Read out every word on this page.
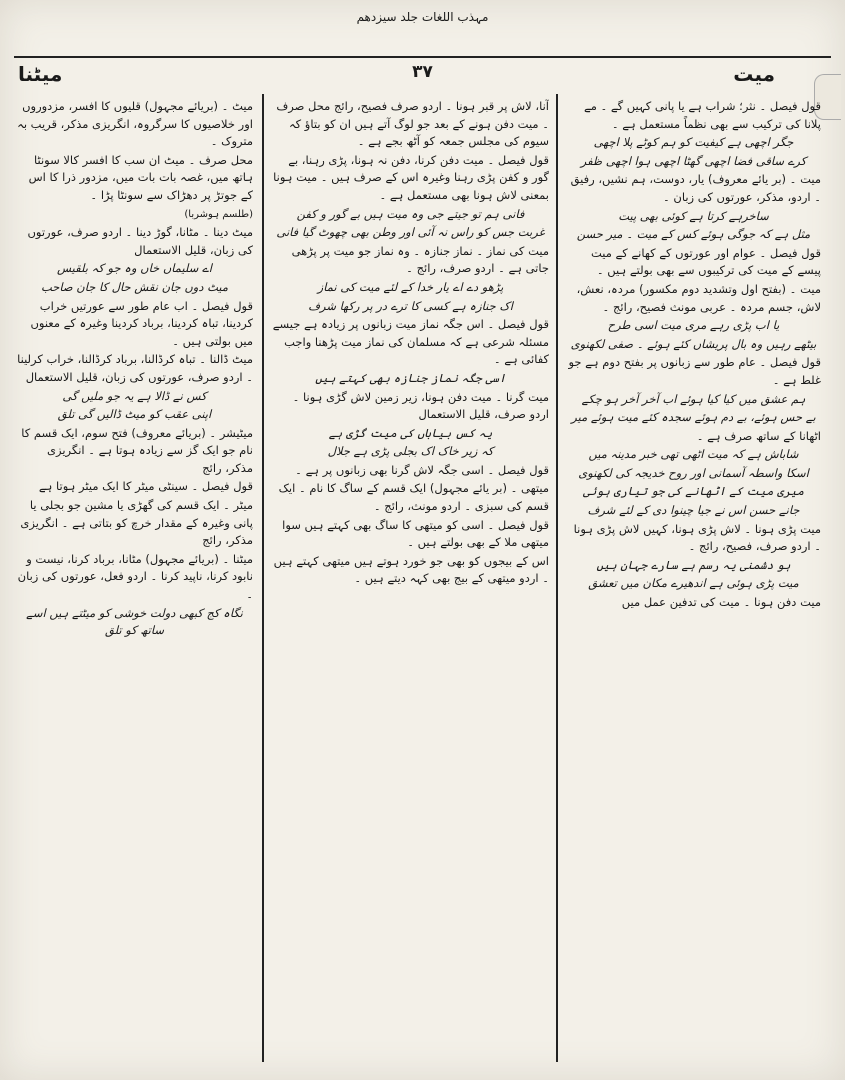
مہذب اللغات جلد سیزدھم
میت
۳۷
میٹنا

قول فیصل ۔ نثر؛ شراب ہے یا پانی کہیں گے ۔ مے پلانا کی ترکیب سے بھی نظماً مستعمل ہے ۔

جگر اچھی ہے کیفیت کو ہم کوٹے پلا اچھی

کرے ساقی فضا اچھی گھٹا اچھی ہوا اچھی ظفر

میت ۔ (بر یائے معروف) یار، دوست، ہم نشیں، رفیق ۔ اردو، مذکر، عورتوں کی زبان ۔

ساخرہے کرتا ہے کوئی بھی پیت

مثل ہے کہ جوگی ہوئے کس کے میت ۔ میر حسن

قول فیصل ۔ عوام اور عورتوں کے کھانے کے میت پیسے کے میت کی ترکیبوں سے بھی بولتے ہیں ۔

میت ۔ (بفتح اول وتشدید دوم مکسور) مردہ، نعش، لاش، جسم مردہ ۔ عربی مونث فصیح، رائج ۔

یا اب پڑی رہے مری میت اسی طرح

بیٹھے رہیں وہ بال پریشاں کئے ہوئے ۔ صفی لکھنوی

قول فیصل ۔ عام طور سے زبانوں پر بفتح دوم ہے جو غلط ہے ۔

ہم عشق میں کیا کیا ہوئے اب آخر آخر ہو چکے

بے حس ہوئے، بے دم ہوئے سجدہ کئے میت ہوئے میر

اٹھانا کے ساتھ صرف ہے ۔

شاباش ہے کہ میت اٹھی تھی خبر مدینہ میں

اسکا واسطہ آسمانی اور روح خدیجہ کی لکھنوی

میری میت کے اٹھانے کی جو تیاری ہوئی

جانے حسن اس نے جیا چینوا دی کے لئے شرف

میت پڑی ہونا ۔ لاش پڑی ہونا، کہیں لاش پڑی ہونا ۔ اردو صرف، فصیح، رائج ۔

ہو دشمنی یہ رسم ہے سارے جہان ہیں

میت پڑی ہوئی ہے اندھیرے مکان میں تعشق

میت دفن ہونا ۔ میت کی تدفین عمل میں

آنا، لاش پر قبر ہونا ۔ اردو صرف فصیح، رائج محل صرف ۔ میت دفن ہونے کے بعد جو لوگ آتے ہیں ان کو بتاؤ کہ سیوم کی مجلس جمعہ کو آٹھ بجے ہے ۔

قول فیصل ۔ میت دفن کرنا، دفن نہ ہونا، پڑی رہنا، بے گور و کفن پڑی رہنا وغیرہ اس کے صرف ہیں ۔ میت ہونا بمعنی لاش ہونا بھی مستعمل ہے ۔

فانی ہم تو جیتے جی وہ میت ہیں بے گور و کفن

غربت جس کو راس نہ آئی اور وطن بھی چھوٹ گیا فانی

میت کی نماز ۔ نماز جنازہ ۔ وہ نماز جو میت پر پڑھی جاتی ہے ۔ اردو صرف، رائج ۔

پڑھو دے اے یار خدا کے لئے میت کی نماز

اک جنازہ ہے کسی کا ترے در پر رکھا شرف

قول فیصل ۔ اس جگہ نماز میت زبانوں پر زیادہ ہے جیسے مسئلہ شرعی ہے کہ مسلمان کی نماز میت پڑھنا واجب کفائی ہے ۔

اسی جگہ نماز جنازہ بھی کہتے ہیں

میت گرنا ۔ میت دفن ہونا، زیر زمین لاش گڑی ہونا ۔ اردو صرف، قلیل الاستعمال

یہ کس بیاباں کی میت گڑی ہے

کہ زیر خاک اک بجلی پڑی ہے جلال

قول فیصل ۔ اسی جگہ لاش گرنا بھی زبانوں پر ہے ۔

میتھی ۔ (بر یائے مجہول) ایک قسم کے ساگ کا نام ۔ ایک قسم کی سبزی ۔ اردو مونث، رائج ۔

قول فیصل ۔ اسی کو میتھی کا ساگ بھی کہتے ہیں سوا میتھی ملا کے بھی بولتے ہیں ۔

اس کے بیجوں کو بھی جو خورد ہوتے ہیں میتھی کہتے ہیں ۔ اردو میتھی کے بیج بھی کہہ دیتے ہیں ۔

میٹ ۔ (بریائے مجہول) قلیوں کا افسر، مزدوروں اور خلاصیوں کا سرگروہ، انگریزی مذکر، قریب بہ متروک ۔

محل صرف ۔ میٹ ان سب کا افسر کالا سونٹا ہاتھ میں، غصہ بات بات میں، مزدور ذرا کا اس کے جوتڑ پر دھڑاک سے سونٹا پڑا ۔

(طلسم ہوشربا)

میٹ دینا ۔ مٹانا، گوڑ دینا ۔ اردو صرف، عورتوں کی زبان، قلیل الاستعمال

اے سلیماں خاں وہ جو کہ بلقیس

میٹ دوں جان نقش حال کا جان صاحب

قول فیصل ۔ اب عام طور سے عورتیں خراب کردینا، تباہ کردینا، برباد کردینا وغیرہ کے معنوں میں بولتی ہیں ۔

میٹ ڈالنا ۔ تباہ کرڈالنا، برباد کرڈالنا، خراب کرلینا ۔ اردو صرف، عورتوں کی زبان، قلیل الاستعمال

کس نے ڈالا ہے یہ جو ملیں گی

اپنی عقب کو میٹ ڈالیں گی تلق

میٹیشر ۔ (بریائے معروف) فتح سوم، ایک قسم کا نام جو ایک گز سے زیادہ ہوتا ہے ۔ انگریزی مذکر، رائج

قول فیصل ۔ سینٹی میٹر کا ایک میٹر ہوتا ہے

میٹر ۔ ایک قسم کی گھڑی یا مشین جو بجلی یا پانی وغیرہ کے مقدار خرچ کو بتاتی ہے ۔ انگریزی مذکر، رائج

میٹنا ۔ (بریائے مجہول) مٹانا، برباد کرنا، نیست و نابود کرنا، ناپید کرنا ۔ اردو فعل، عورتوں کی زبان ۔

نگاہ کج کبھی دولت خوشی کو میٹتے ہیں اسے ساتھ کو تلق
